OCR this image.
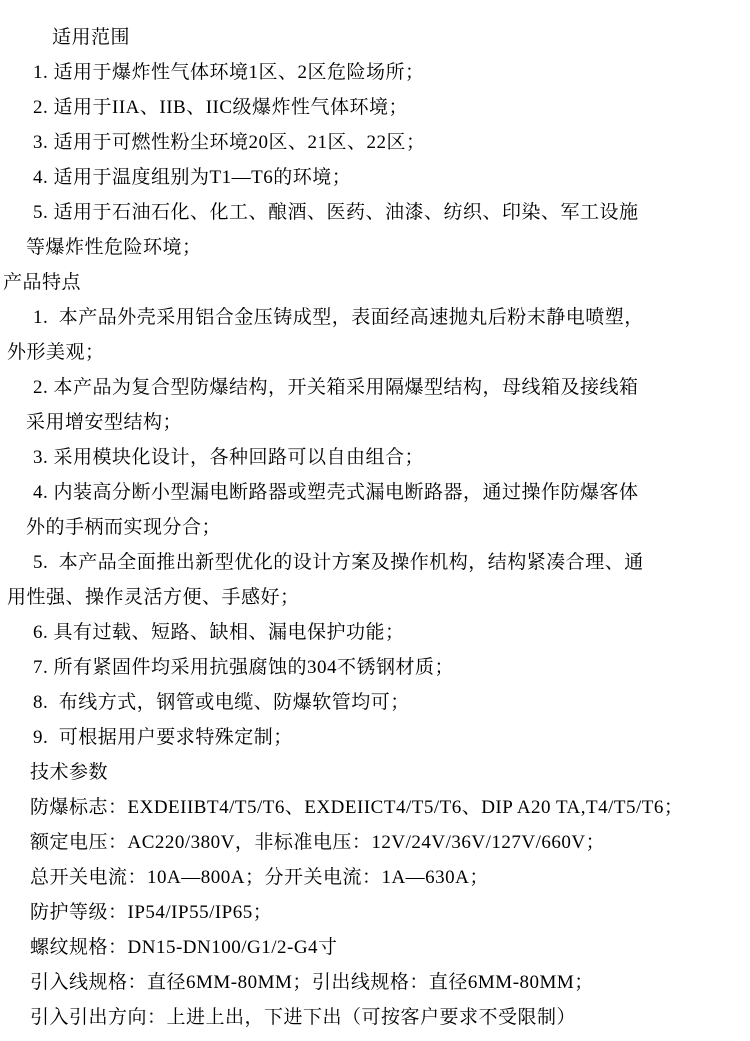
适用范围
1. 适用于爆炸性气体环境1区、2区危险场所；
2. 适用于IIA、IIB、IIC级爆炸性气体环境；
3. 适用于可燃性粉尘环境20区、21区、22区；
4. 适用于温度组别为T1—T6的环境；
5. 适用于石油石化、化工、酿酒、医药、油漆、纺织、印染、军工设施
等爆炸性危险环境；
产品特点
1.  本产品外壳采用铝合金压铸成型，表面经高速抛丸后粉末静电喷塑，
外形美观；
2. 本产品为复合型防爆结构，开关箱采用隔爆型结构，母线箱及接线箱
采用增安型结构；
3. 采用模块化设计，各种回路可以自由组合；
4. 内装高分断小型漏电断路器或塑壳式漏电断路器，通过操作防爆客体
外的手柄而实现分合；
5.  本产品全面推出新型优化的设计方案及操作机构，结构紧凑合理、通
用性强、操作灵活方便、手感好；
6. 具有过载、短路、缺相、漏电保护功能；
7. 所有紧固件均采用抗强腐蚀的304不锈钢材质；
8.  布线方式，钢管或电缆、防爆软管均可；
9.  可根据用户要求特殊定制；
技术参数
防爆标志：EXDEIIBT4/T5/T6、EXDEIICT4/T5/T6、DIP A20 TA,T4/T5/T6；
额定电压：AC220/380V，非标准电压：12V/24V/36V/127V/660V；
总开关电流：10A—800A；分开关电流：1A—630A；
防护等级：IP54/IP55/IP65；
螺纹规格：DN15-DN100/G1/2-G4寸
引入线规格：直径6MM-80MM；引出线规格：直径6MM-80MM；
引入引出方向：上进上出，下进下出（可按客户要求不受限制）
